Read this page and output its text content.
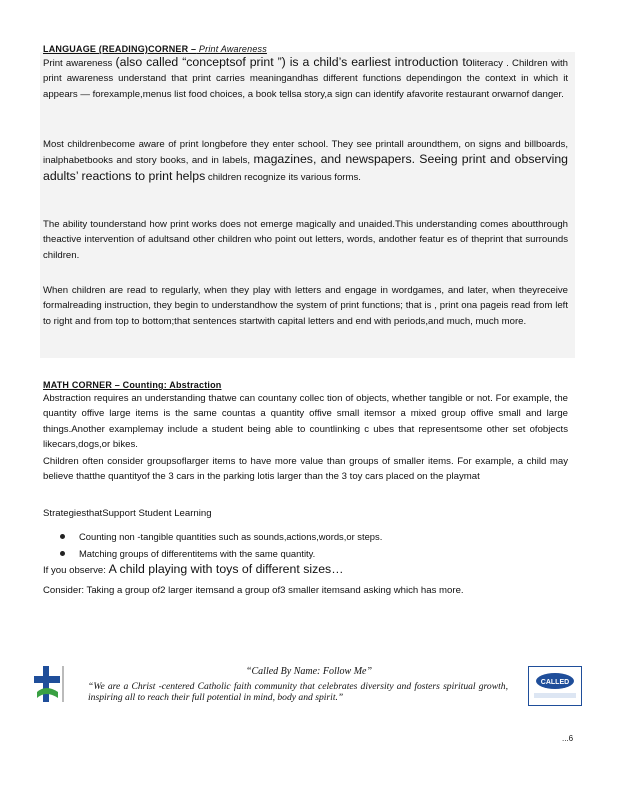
LANGUAGE (READING)CORNER – Print Awareness
Print awareness (also called “conceptsof print ”) is a child’s earliest introduction toliteracy . Children with print awareness understand that print carries meaningandhas different functions dependingon the context in which it appears — forexample,menus list food choices, a book tellsa story,a sign can identify afavorite restaurant orwarnof danger.
Most childrenbecome aware of print longbefore they enter school. They see printall aroundthem, on signs and billboards, inalphabetbooks and story books, and in labels, magazines, and newspapers. Seeing print and observing adults’ reactions to print helps children recognize its various forms.
The ability tounderstand how print works does not emerge magically and unaided.This understanding comes aboutthrough theactive intervention of adultsand other children who point out letters, words, andother featur es of theprint that surrounds children.
When children are read to regularly, when they play with letters and engage in wordgames, and later, when theyreceive formalreading instruction, they begin to understandhow the system of print functions; that is , print ona pageis read from left to right and from top to bottom;that sentences startwith capital letters and end with periods,and much, much more.
MATH CORNER – Counting: Abstraction
Abstraction requires an understanding thatwe can countany collec tion of objects, whether tangible or not. For example, the quantity offive large items is the same countas a quantity offive small itemsor a mixed group offive small and large things.Another examplemay include a student being able to countlinking c ubes that representsome other set ofobjects likecars,dogs,or bikes.
Children often consider groupsoflarger items to have more value than groups of smaller items. For example, a child may believe thatthe quantityof the 3 cars in the parking lotis larger than the 3 toy cars placed on the playmat
StrategiesthatSupport Student Learning
Counting non -tangible quantities such as sounds,actions,words,or steps.
Matching groups of differentitems with the same quantity.
If you observe: A child playing with toys of different sizes…
Consider: Taking a group of2 larger itemsand a group of3 smaller itemsand asking which has more.
“Called By Name: Follow Me”
“We are a Christ -centered Catholic faith community that celebrates diversity and fosters spiritual growth, inspiring all to reach their full potential in mind, body and spirit.”
CALLED
...6
